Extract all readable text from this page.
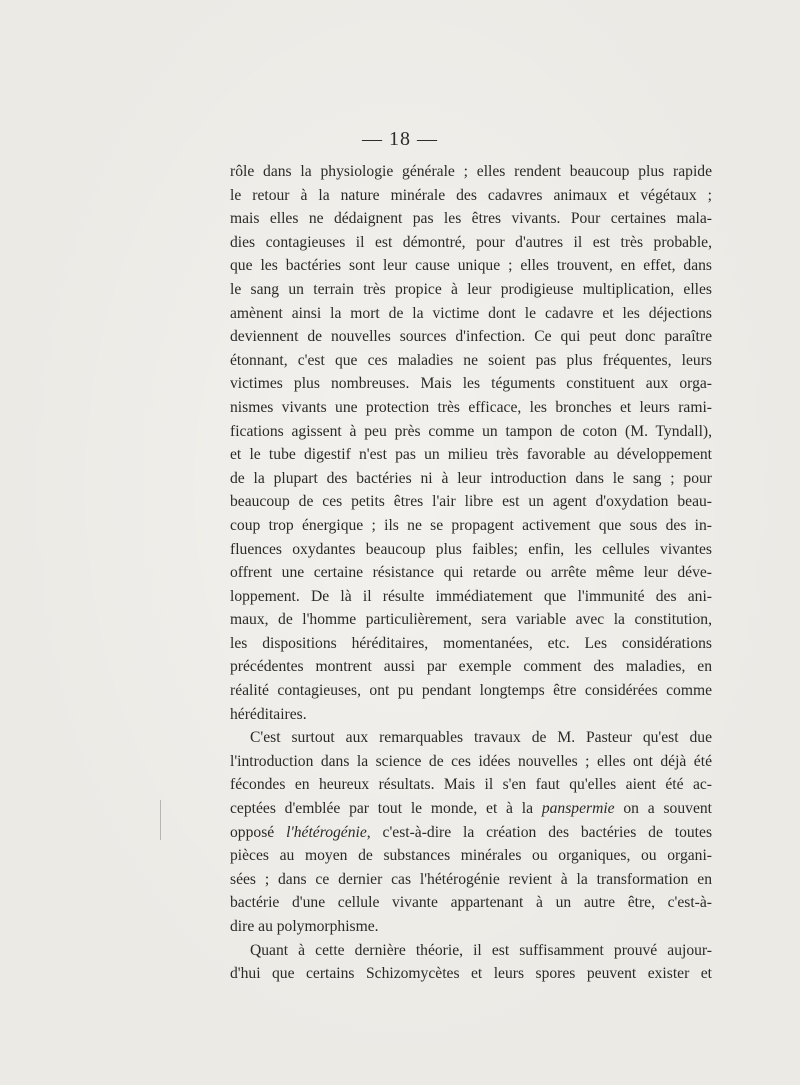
— 18 —
rôle dans la physiologie générale ; elles rendent beaucoup plus rapide
le retour à la nature minérale des cadavres animaux et végétaux ;
mais elles ne dédaignent pas les êtres vivants. Pour certaines mala-
dies contagieuses il est démontré, pour d'autres il est très probable,
que les bactéries sont leur cause unique ; elles trouvent, en effet, dans
le sang un terrain très propice à leur prodigieuse multiplication, elles
amènent ainsi la mort de la victime dont le cadavre et les déjections
deviennent de nouvelles sources d'infection. Ce qui peut donc paraître
étonnant, c'est que ces maladies ne soient pas plus fréquentes, leurs
victimes plus nombreuses. Mais les téguments constituent aux orga-
nismes vivants une protection très efficace, les bronches et leurs rami-
fications agissent à peu près comme un tampon de coton (M. Tyndall),
et le tube digestif n'est pas un milieu très favorable au développement
de la plupart des bactéries ni à leur introduction dans le sang ; pour
beaucoup de ces petits êtres l'air libre est un agent d'oxydation beau-
coup trop énergique ; ils ne se propagent activement que sous des in-
fluences oxydantes beaucoup plus faibles; enfin, les cellules vivantes
offrent une certaine résistance qui retarde ou arrête même leur déve-
loppement. De là il résulte immédiatement que l'immunité des ani-
maux, de l'homme particulièrement, sera variable avec la constitution,
les dispositions héréditaires, momentanées, etc. Les considérations
précédentes montrent aussi par exemple comment des maladies, en
réalité contagieuses, ont pu pendant longtemps être considérées comme
héréditaires.
C'est surtout aux remarquables travaux de M. Pasteur qu'est due
l'introduction dans la science de ces idées nouvelles ; elles ont déjà été
fécondes en heureux résultats. Mais il s'en faut qu'elles aient été ac-
ceptées d'emblée par tout le monde, et à la panspermie on a souvent
opposé l'hétérogénie, c'est-à-dire la création des bactéries de toutes
pièces au moyen de substances minérales ou organiques, ou organi-
sées ; dans ce dernier cas l'hétérogénie revient à la transformation en
bactérie d'une cellule vivante appartenant à un autre être, c'est-à-
dire au polymorphisme.
Quant à cette dernière théorie, il est suffisamment prouvé aujour-
d'hui que certains Schizomycètes et leurs spores peuvent exister et
